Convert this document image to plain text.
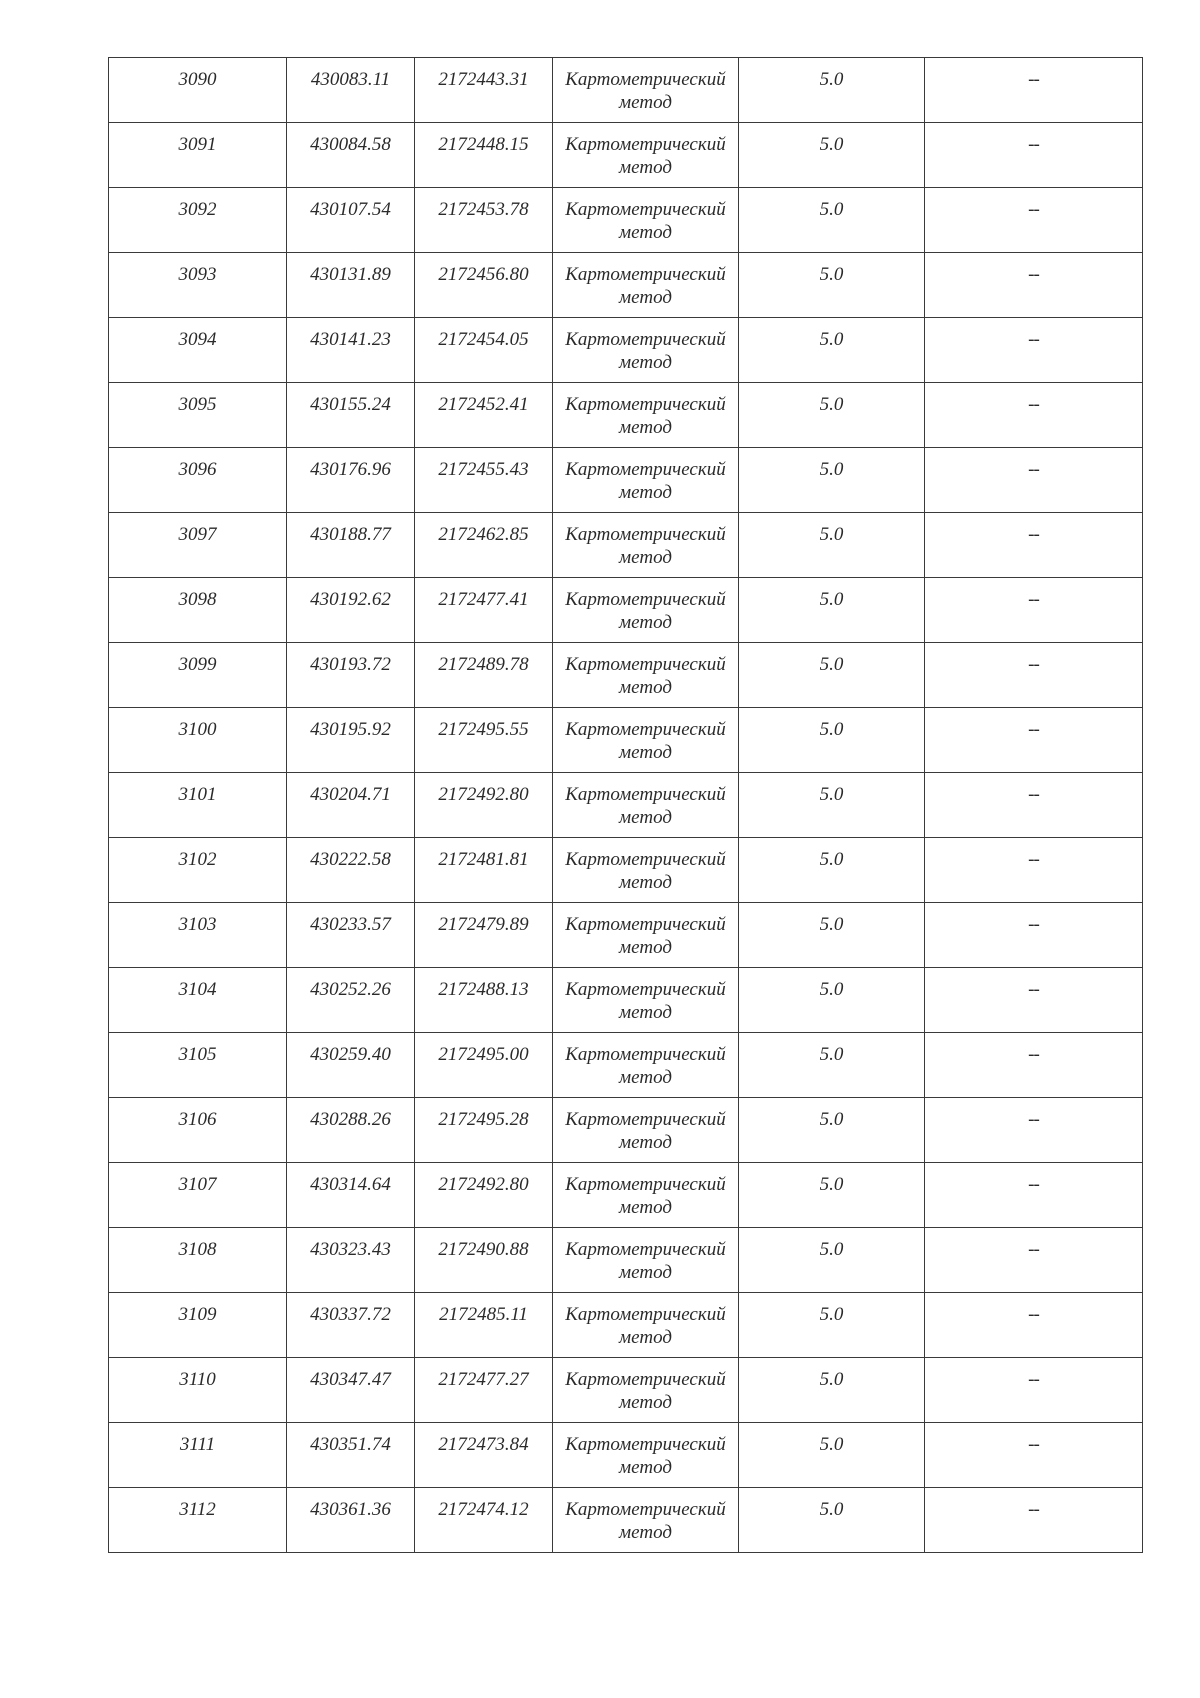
3090	430083.11	2172443.31	Картометрический
метод	5.0	--

3091	430084.58	2172448.15	Картометрический
метод	5.0	--

3092	430107.54	2172453.78	Картометрический
метод	5.0	--

3093	430131.89	2172456.80	Картометрический
метод	5.0	--

3094	430141.23	2172454.05	Картометрический
метод	5.0	--

3095	430155.24	2172452.41	Картометрический
метод	5.0	--

3096	430176.96	2172455.43	Картометрический
метод	5.0	--

3097	430188.77	2172462.85	Картометрический
метод	5.0	--

3098	430192.62	2172477.41	Картометрический
метод	5.0	--

3099	430193.72	2172489.78	Картометрический
метод	5.0	--

3100	430195.92	2172495.55	Картометрический
метод	5.0	--

3101	430204.71	2172492.80	Картометрический
метод	5.0	--

3102	430222.58	2172481.81	Картометрический
метод	5.0	--

3103	430233.57	2172479.89	Картометрический
метод	5.0	--

3104	430252.26	2172488.13	Картометрический
метод	5.0	--

3105	430259.40	2172495.00	Картометрический
метод	5.0	--

3106	430288.26	2172495.28	Картометрический
метод	5.0	--

3107	430314.64	2172492.80	Картометрический
метод	5.0	--

3108	430323.43	2172490.88	Картометрический
метод	5.0	--

3109	430337.72	2172485.11	Картометрический
метод	5.0	--

3110	430347.47	2172477.27	Картометрический
метод	5.0	--

3111	430351.74	2172473.84	Картометрический
метод	5.0	--

3112	430361.36	2172474.12	Картометрический
метод	5.0	--
